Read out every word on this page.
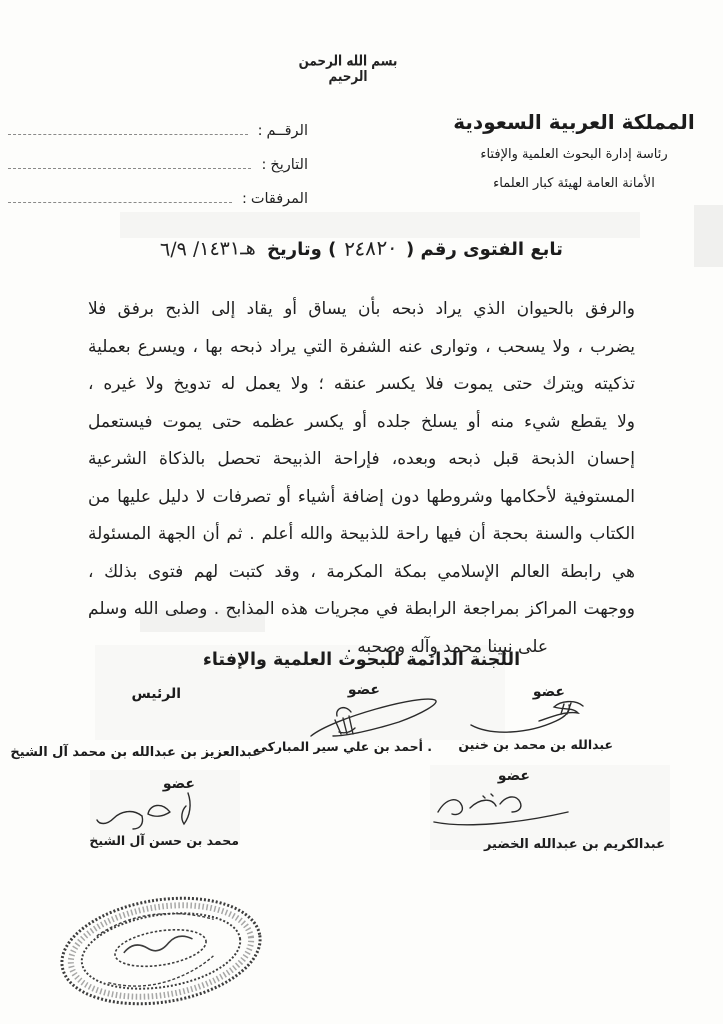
بسم الله الرحمن الرحيم
المملكة العربية السعودية
رئاسة إدارة البحوث العلمية والإفتاء
الأمانة العامة لهيئة كبار العلماء
الرقــم
:
التاريخ
:
المرفقات
:
تابع الفتوى رقم (٢٤٨٢٠) وتاريخ هـ١٤٣١/ ٦/٩
والرفق بالحيوان الذي يراد ذبحه بأن يساق أو يقاد إلى الذبح برفق فلا
يضرب ، ولا يسحب ، وتوارى عنه الشفرة التي يراد ذبحه بها ، ويسرع بعملية
تذكيته ويترك حتى يموت فلا يكسر عنقه ؛ ولا يعمل له تدويخ ولا غيره ،
ولا يقطع شيء منه أو يسلخ جلده أو يكسر عظمه حتى يموت فيستعمل
إحسان الذبحة قبل ذبحه وبعده، فإراحة الذبيحة تحصل بالذكاة الشرعية
المستوفية لأحكامها وشروطها دون إضافة أشياء أو تصرفات لا دليل عليها من
الكتاب والسنة بحجة أن فيها راحة للذبيحة والله أعلم . ثم أن الجهة المسئولة
هي رابطة العالم الإسلامي بمكة المكرمة ، وقد كتبت لهم فتوى بذلك ،
ووجهت المراكز بمراجعة الرابطة في مجريات هذه المذابح . وصلى الله وسلم
على نبينا محمد وآله وصحبه .
اللجنة الدائمة للبحوث العلمية والإفتاء
عضو
عبدالله بن محمد بن خنين
عضو
. أحمد بن علي سير المباركي
الرئيس
عبدالعزيز بن عبدالله بن محمد آل الشيخ
عضو
عبدالكريم بن عبدالله الخضير
عضو
محمد بن حسن آل الشيخ
